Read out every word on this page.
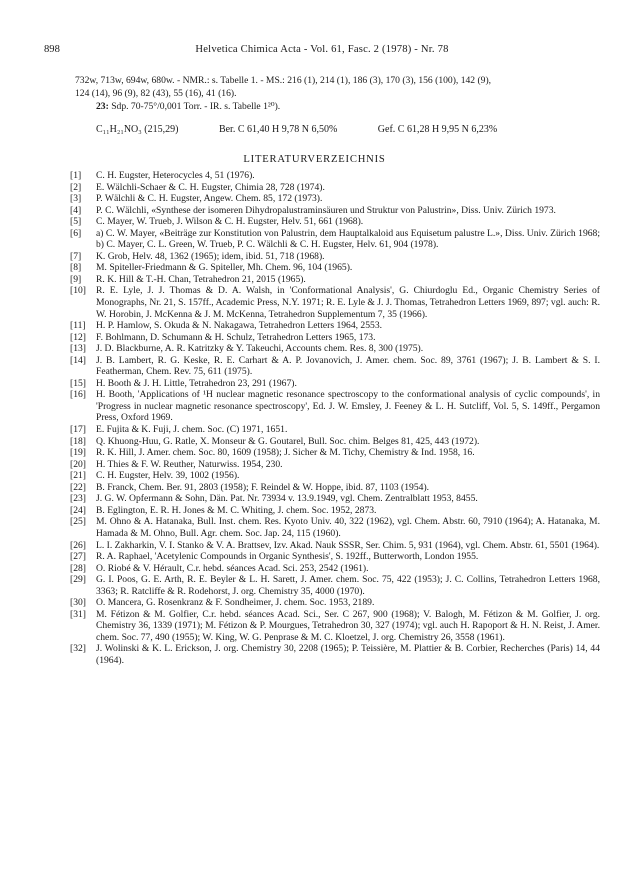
898	Helvetica Chimica Acta - Vol. 61, Fasc. 2 (1978) - Nr. 78
732w, 713w, 694w, 680w. - NMR.: s. Tabelle 1. - MS.: 216 (1), 214 (1), 186 (3), 170 (3), 156 (100), 142 (9),
124 (14), 96 (9), 82 (43), 55 (16), 41 (16).
23: Sdp. 70-75°/0,001 Torr. - IR. s. Tabelle 1²⁰).
C₁₁H₂₁NO₃ (215,29)	Ber. C 61,40 H 9,78 N 6,50%	Gef. C 61,28 H 9,95 N 6,23%
LITERATURVERZEICHNIS
[1]	C. H. Eugster, Heterocycles 4, 51 (1976).
[2]	E. Wälchli-Schaer & C. H. Eugster, Chimia 28, 728 (1974).
[3]	P. Wälchli & C. H. Eugster, Angew. Chem. 85, 172 (1973).
[4]	P. C. Wälchli, «Synthese der isomeren Dihydropalustraminsäuren und Struktur von Palustrin», Diss. Univ. Zürich 1973.
[5]	C. Mayer, W. Trueb, J. Wilson & C. H. Eugster, Helv. 51, 661 (1968).
[6]	a) C. W. Mayer, «Beiträge zur Konstitution von Palustrin, dem Hauptalkaloid aus Equisetum palustre L.», Diss. Univ. Zürich 1968; b) C. Mayer, C. L. Green, W. Trueb, P. C. Wälchli & C. H. Eugster, Helv. 61, 904 (1978).
[7]	K. Grob, Helv. 48, 1362 (1965); idem, ibid. 51, 718 (1968).
[8]	M. Spiteller-Friedmann & G. Spiteller, Mh. Chem. 96, 104 (1965).
[9]	R. K. Hill & T.-H. Chan, Tetrahedron 21, 2015 (1965).
[10]	R. E. Lyle, J. J. Thomas & D. A. Walsh, in 'Conformational Analysis', G. Chiurdoglu Ed., Organic Chemistry Series of Monographs, Nr. 21, S. 157ff., Academic Press, N.Y. 1971; R. E. Lyle & J. J. Thomas, Tetrahedron Letters 1969, 897; vgl. auch: R. W. Horobin, J. McKenna & J. M. McKenna, Tetrahedron Supplementum 7, 35 (1966).
[11]	H. P. Hamlow, S. Okuda & N. Nakagawa, Tetrahedron Letters 1964, 2553.
[12]	F. Bohlmann, D. Schumann & H. Schulz, Tetrahedron Letters 1965, 173.
[13]	J. D. Blackburne, A. R. Katritzky & Y. Takeuchi, Accounts chem. Res. 8, 300 (1975).
[14]	J. B. Lambert, R. G. Keske, R. E. Carhart & A. P. Jovanovich, J. Amer. chem. Soc. 89, 3761 (1967); J. B. Lambert & S. I. Featherman, Chem. Rev. 75, 611 (1975).
[15]	H. Booth & J. H. Little, Tetrahedron 23, 291 (1967).
[16]	H. Booth, 'Applications of ¹H nuclear magnetic resonance spectroscopy to the conformational analysis of cyclic compounds', in 'Progress in nuclear magnetic resonance spectroscopy', Ed. J. W. Emsley, J. Feeney & L. H. Sutcliff, Vol. 5, S. 149ff., Pergamon Press, Oxford 1969.
[17]	E. Fujita & K. Fuji, J. chem. Soc. (C) 1971, 1651.
[18]	Q. Khuong-Huu, G. Ratle, X. Monseur & G. Goutarel, Bull. Soc. chim. Belges 81, 425, 443 (1972).
[19]	R. K. Hill, J. Amer. chem. Soc. 80, 1609 (1958); J. Sicher & M. Tichy, Chemistry & Ind. 1958, 16.
[20]	H. Thies & F. W. Reuther, Naturwiss. 1954, 230.
[21]	C. H. Eugster, Helv. 39, 1002 (1956).
[22]	B. Franck, Chem. Ber. 91, 2803 (1958); F. Reindel & W. Hoppe, ibid. 87, 1103 (1954).
[23]	J. G. W. Opfermann & Sohn, Dän. Pat. Nr. 73934 v. 13.9.1949, vgl. Chem. Zentralblatt 1953, 8455.
[24]	B. Eglington, E. R. H. Jones & M. C. Whiting, J. chem. Soc. 1952, 2873.
[25]	M. Ohno & A. Hatanaka, Bull. Inst. chem. Res. Kyoto Univ. 40, 322 (1962), vgl. Chem. Abstr. 60, 7910 (1964); A. Hatanaka, M. Hamada & M. Ohno, Bull. Agr. chem. Soc. Jap. 24, 115 (1960).
[26]	L. I. Zakharkin, V. I. Stanko & V. A. Brattsev, Izv. Akad. Nauk SSSR, Ser. Chim. 5, 931 (1964), vgl. Chem. Abstr. 61, 5501 (1964).
[27]	R. A. Raphael, 'Acetylenic Compounds in Organic Synthesis', S. 192ff., Butterworth, London 1955.
[28]	O. Riobé & V. Hérault, C.r. hebd. séances Acad. Sci. 253, 2542 (1961).
[29]	G. I. Poos, G. E. Arth, R. E. Beyler & L. H. Sarett, J. Amer. chem. Soc. 75, 422 (1953); J. C. Collins, Tetrahedron Letters 1968, 3363; R. Ratcliffe & R. Rodehorst, J. org. Chemistry 35, 4000 (1970).
[30]	O. Mancera, G. Rosenkranz & F. Sondheimer, J. chem. Soc. 1953, 2189.
[31]	M. Fétizon & M. Golfier, C.r. hebd. séances Acad. Sci., Ser. C 267, 900 (1968); V. Balogh, M. Fétizon & M. Golfier, J. org. Chemistry 36, 1339 (1971); M. Fétizon & P. Mourgues, Tetrahedron 30, 327 (1974); vgl. auch H. Rapoport & H. N. Reist, J. Amer. chem. Soc. 77, 490 (1955); W. King, W. G. Penprase & M. C. Kloetzel, J. org. Chemistry 26, 3558 (1961).
[32]	J. Wolinski & K. L. Erickson, J. org. Chemistry 30, 2208 (1965); P. Teissière, M. Plattier & B. Corbier, Recherches (Paris) 14, 44 (1964).
